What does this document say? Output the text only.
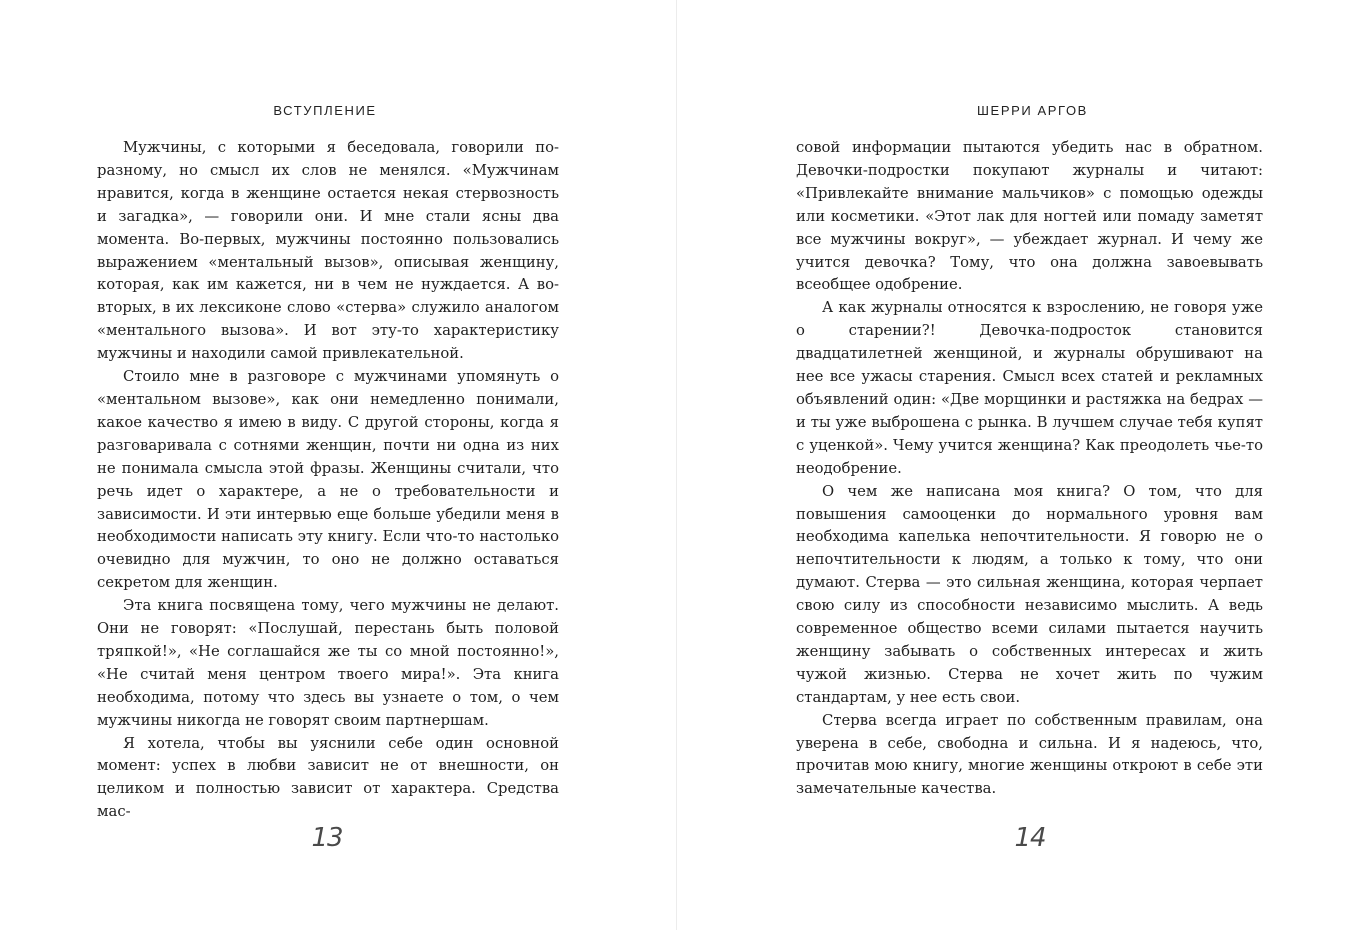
ВСТУПЛЕНИЕ

Мужчины, с которыми я беседовала, говорили по-разному, но смысл их слов не менялся. «Мужчинам нравится, когда в женщине остается некая стервозность и загадка», — говорили они. И мне стали ясны два момента. Во-первых, мужчины постоянно пользовались выражением «ментальный вызов», описывая женщину, которая, как им кажется, ни в чем не нуждается. А во-вторых, в их лексиконе слово «стерва» служило аналогом «ментального вызова». И вот эту-то характеристику мужчины и находили самой привлекательной.

Стоило мне в разговоре с мужчинами упомянуть о «ментальном вызове», как они немедленно понимали, какое качество я имею в виду. С другой стороны, когда я разговаривала с сотнями женщин, почти ни одна из них не понимала смысла этой фразы. Женщины считали, что речь идет о характере, а не о требовательности и зависимости. И эти интервью еще больше убедили меня в необходимости написать эту книгу. Если что-то настолько очевидно для мужчин, то оно не должно оставаться секретом для женщин.

Эта книга посвящена тому, чего мужчины не делают. Они не говорят: «Послушай, перестань быть половой тряпкой!», «Не соглашайся же ты со мной постоянно!», «Не считай меня центром твоего мира!». Эта книга необходима, потому что здесь вы узнаете о том, о чем мужчины никогда не говорят своим партнершам.

Я хотела, чтобы вы уяснили себе один основной момент: успех в любви зависит не от внешности, он целиком и полностью зависит от характера. Средства мас-

13
ШЕРРИ АРГОВ

совой информации пытаются убедить нас в обратном. Девочки-подростки покупают журналы и читают: «Привлекайте внимание мальчиков» с помощью одежды или косметики. «Этот лак для ногтей или помаду заметят все мужчины вокруг», — убеждает журнал. И чему же учится девочка? Тому, что она должна завоевывать всеобщее одобрение.

А как журналы относятся к взрослению, не говоря уже о старении?! Девочка-подросток становится двадцатилетней женщиной, и журналы обрушивают на нее все ужасы старения. Смысл всех статей и рекламных объявлений один: «Две морщинки и растяжка на бедрах — и ты уже выброшена с рынка. В лучшем случае тебя купят с уценкой». Чему учится женщина? Как преодолеть чье-то неодобрение.

О чем же написана моя книга? О том, что для повышения самооценки до нормального уровня вам необходима капелька непочтительности. Я говорю не о непочтительности к людям, а только к тому, что они думают. Стерва — это сильная женщина, которая черпает свою силу из способности независимо мыслить. А ведь современное общество всеми силами пытается научить женщину забывать о собственных интересах и жить чужой жизнью. Стерва не хочет жить по чужим стандартам, у нее есть свои.

Стерва всегда играет по собственным правилам, она уверена в себе, свободна и сильна. И я надеюсь, что, прочитав мою книгу, многие женщины откроют в себе эти замечательные качества.

14
